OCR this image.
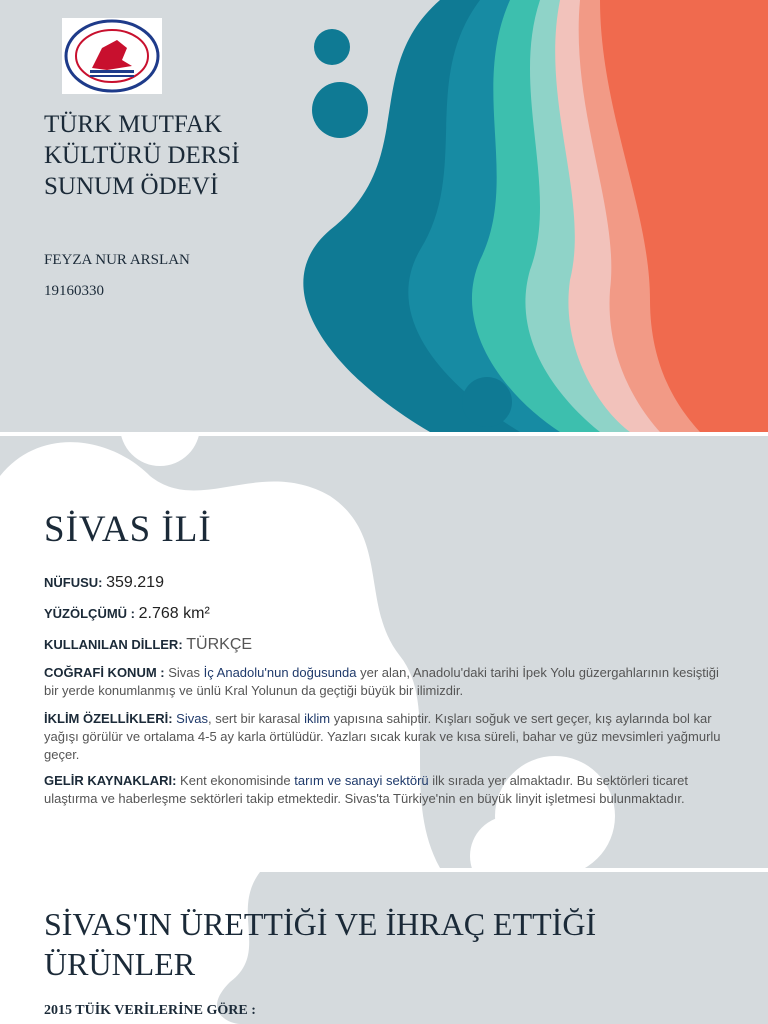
TÜRK MUTFAK
KÜLTÜRÜ DERSİ
SUNUM ÖDEVİ
FEYZA NUR ARSLAN
19160330
SİVAS İLİ
NÜFUSU: 359.219
YÜZÖLÇÜMÜ : 2.768 km²
KULLANILAN DİLLER: TÜRKÇE
COĞRAFİ KONUM : Sivas İç Anadolu'nun doğusunda yer alan, Anadolu'daki tarihi İpek Yolu güzergahlarının kesiştiği bir yerde konumlanmış ve ünlü Kral Yolunun da geçtiği büyük bir ilimizdir.
İKLİM ÖZELLİKLERİ: Sivas, sert bir karasal iklim yapısına sahiptir. Kışları soğuk ve sert geçer, kış aylarında bol kar yağışı görülür ve ortalama 4-5 ay karla örtülüdür. Yazları sıcak kurak ve kısa süreli, bahar ve güz mevsimleri yağmurlu geçer.
GELİR KAYNAKLARI: Kent ekonomisinde tarım ve sanayi sektörü ilk sırada yer almaktadır. Bu sektörleri ticaret ulaştırma ve haberleşme sektörleri takip etmektedir. Sivas'ta Türkiye'nin en büyük linyit işletmesi bulunmaktadır.
SİVAS'IN ÜRETTİĞİ VE İHRAÇ ETTİĞİ ÜRÜNLER
2015 TÜİK VERİLERİNE GÖRE :
